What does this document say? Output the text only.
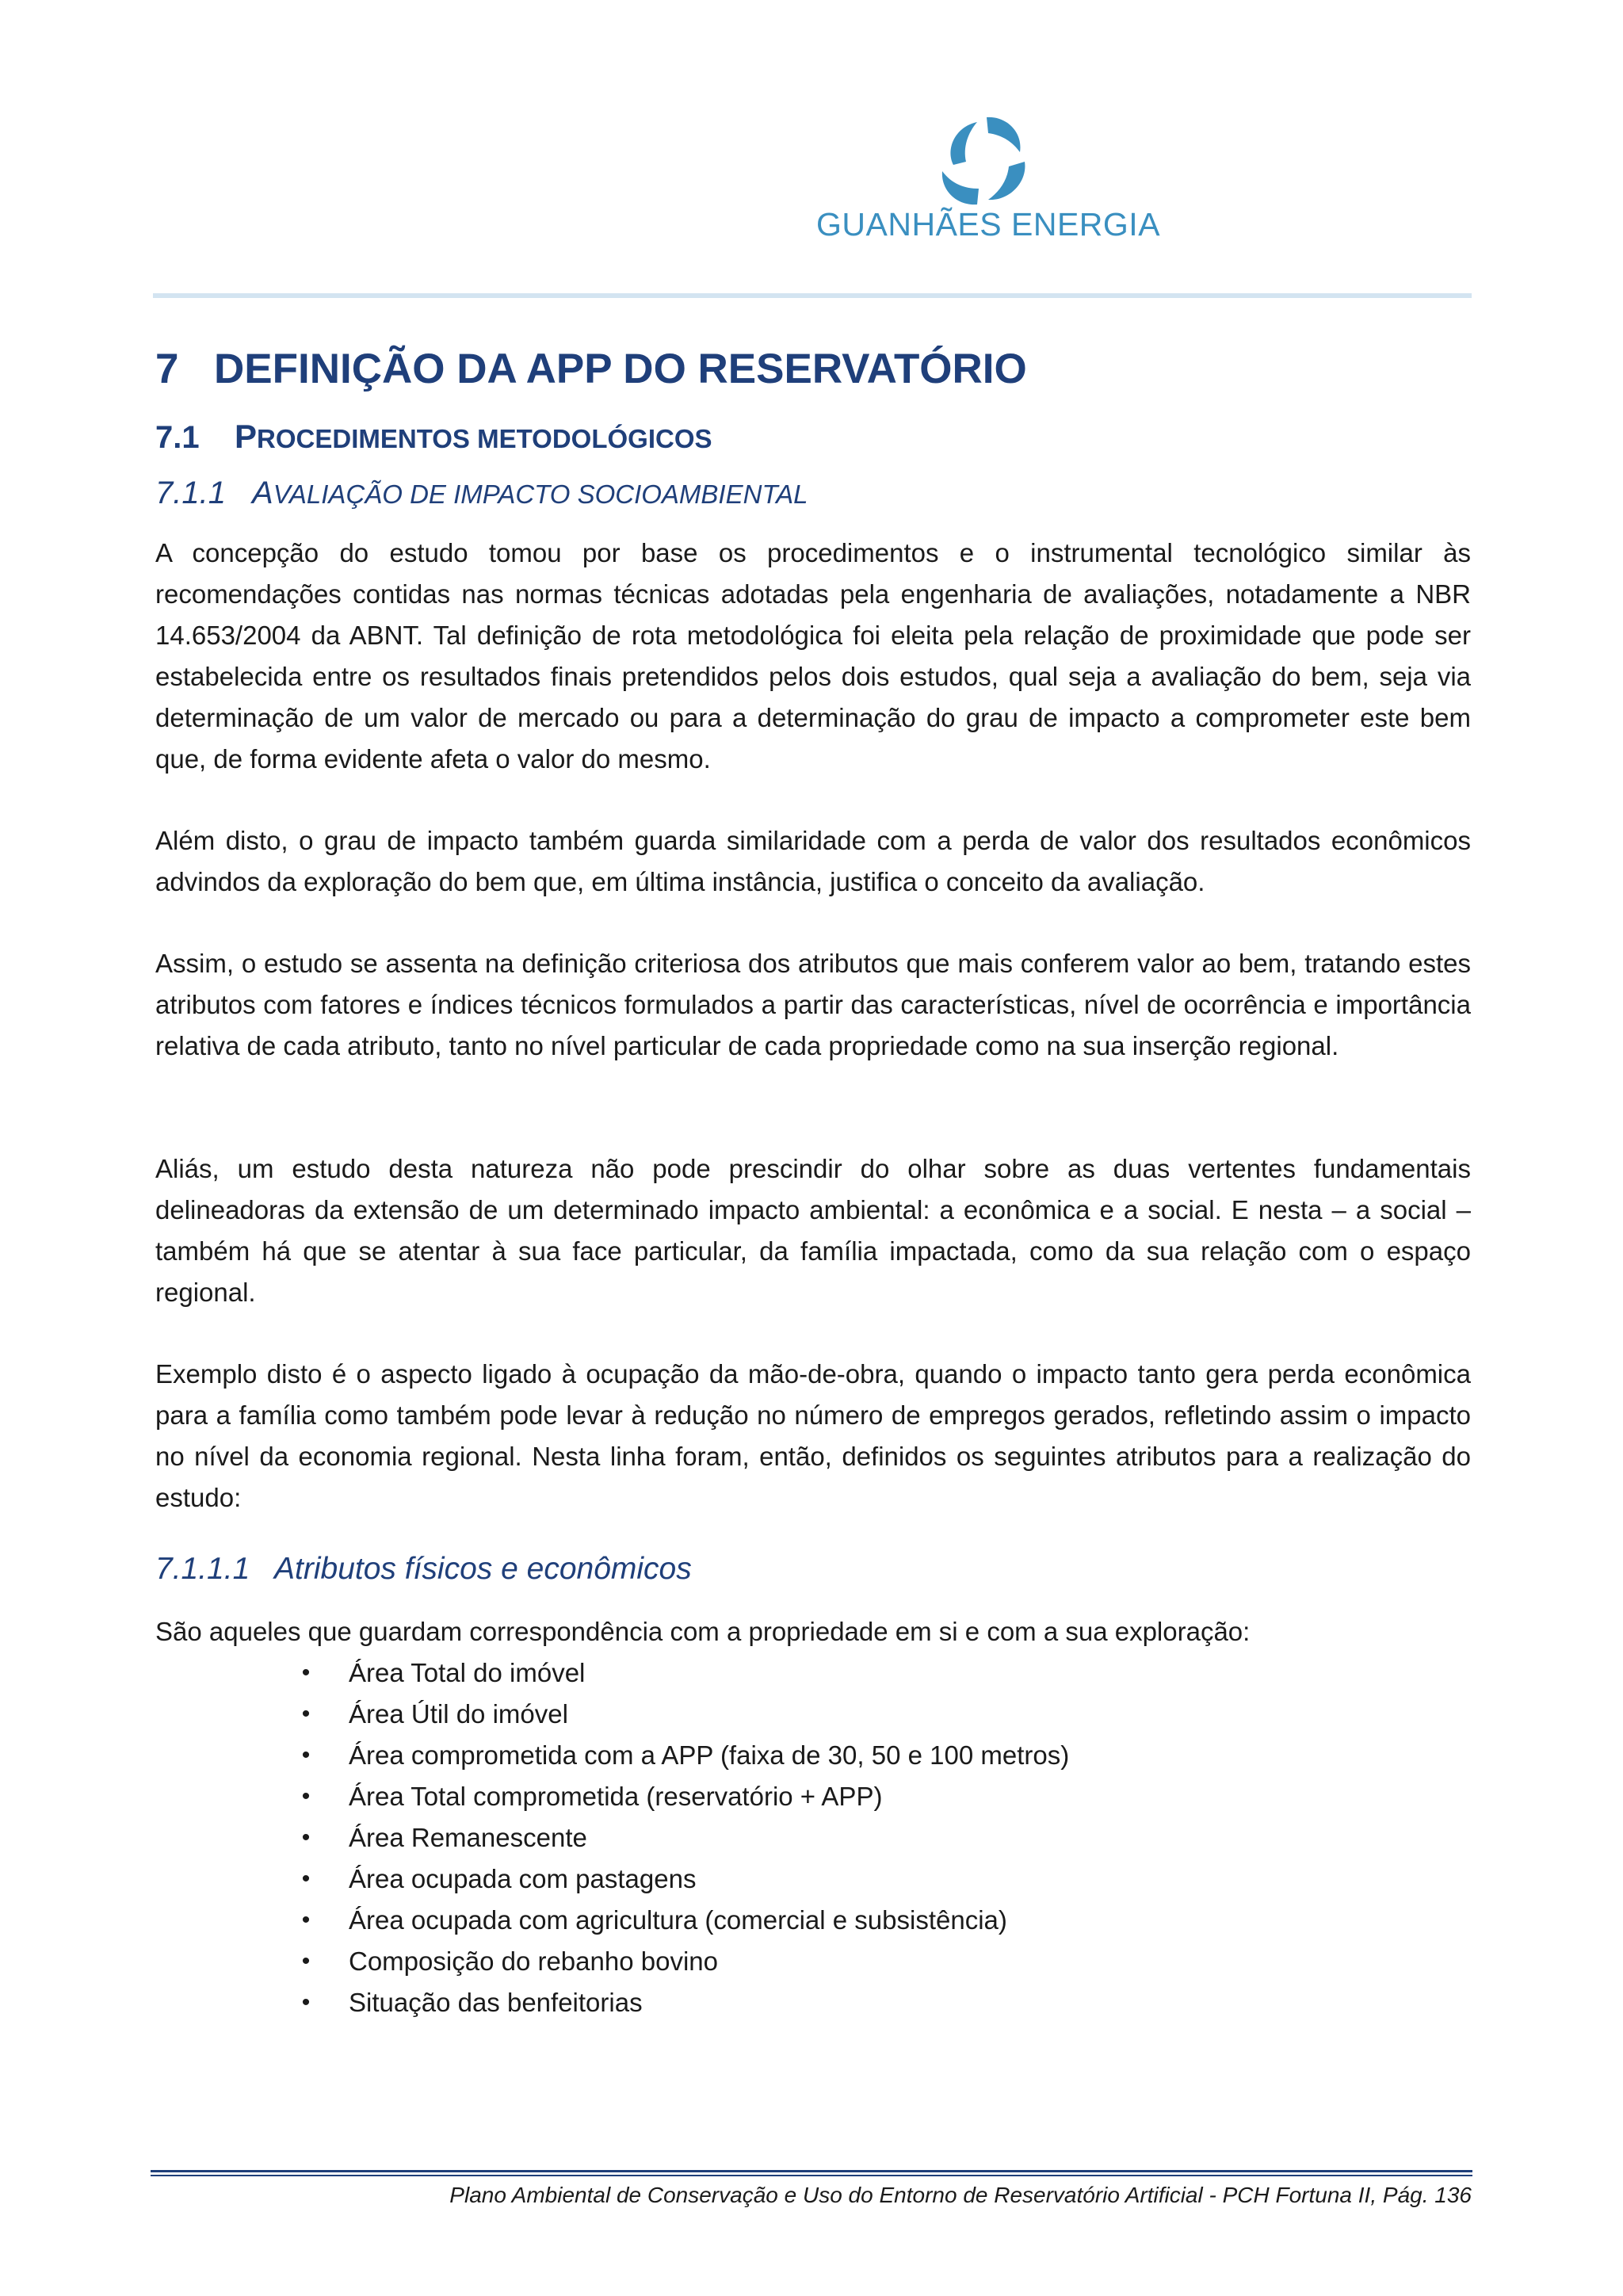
GUANHÃES ENERGIA
7 DEFINIÇÃO DA APP DO RESERVATÓRIO
7.1 PROCEDIMENTOS METODOLÓGICOS
7.1.1 AVALIAÇÃO DE IMPACTO SOCIOAMBIENTAL

A concepção do estudo tomou por base os procedimentos e o instrumental tecnológico similar às recomendações contidas nas normas técnicas adotadas pela engenharia de avaliações, notadamente a NBR 14.653/2004 da ABNT. Tal definição de rota metodológica foi eleita pela relação de proximidade que pode ser estabelecida entre os resultados finais pretendidos pelos dois estudos, qual seja a avaliação do bem, seja via determinação de um valor de mercado ou para a determinação do grau de impacto a comprometer este bem que, de forma evidente afeta o valor do mesmo.

Além disto, o grau de impacto também guarda similaridade com a perda de valor dos resultados econômicos advindos da exploração do bem que, em última instância, justifica o conceito da avaliação.

Assim, o estudo se assenta na definição criteriosa dos atributos que mais conferem valor ao bem, tratando estes atributos com fatores e índices técnicos formulados a partir das características, nível de ocorrência e importância relativa de cada atributo, tanto no nível particular de cada propriedade como na sua inserção regional.

Aliás, um estudo desta natureza não pode prescindir do olhar sobre as duas vertentes fundamentais delineadoras da extensão de um determinado impacto ambiental: a econômica e a social. E nesta – a social – também há que se atentar à sua face particular, da família impactada, como da sua relação com o espaço regional.

Exemplo disto é o aspecto ligado à ocupação da mão-de-obra, quando o impacto tanto gera perda econômica para a família como também pode levar à redução no número de empregos gerados, refletindo assim o impacto no nível da economia regional. Nesta linha foram, então, definidos os seguintes atributos para a realização do estudo:

7.1.1.1 Atributos físicos e econômicos

São aqueles que guardam correspondência com a propriedade em si e com a sua exploração:

• Área Total do imóvel
• Área Útil do imóvel
• Área comprometida com a APP (faixa de 30, 50 e 100 metros)
• Área Total comprometida (reservatório + APP)
• Área Remanescente
• Área ocupada com pastagens
• Área ocupada com agricultura (comercial e subsistência)
• Composição do rebanho bovino
• Situação das benfeitorias
Plano Ambiental de Conservação e Uso do Entorno de Reservatório Artificial - PCH Fortuna II, Pág. 136
